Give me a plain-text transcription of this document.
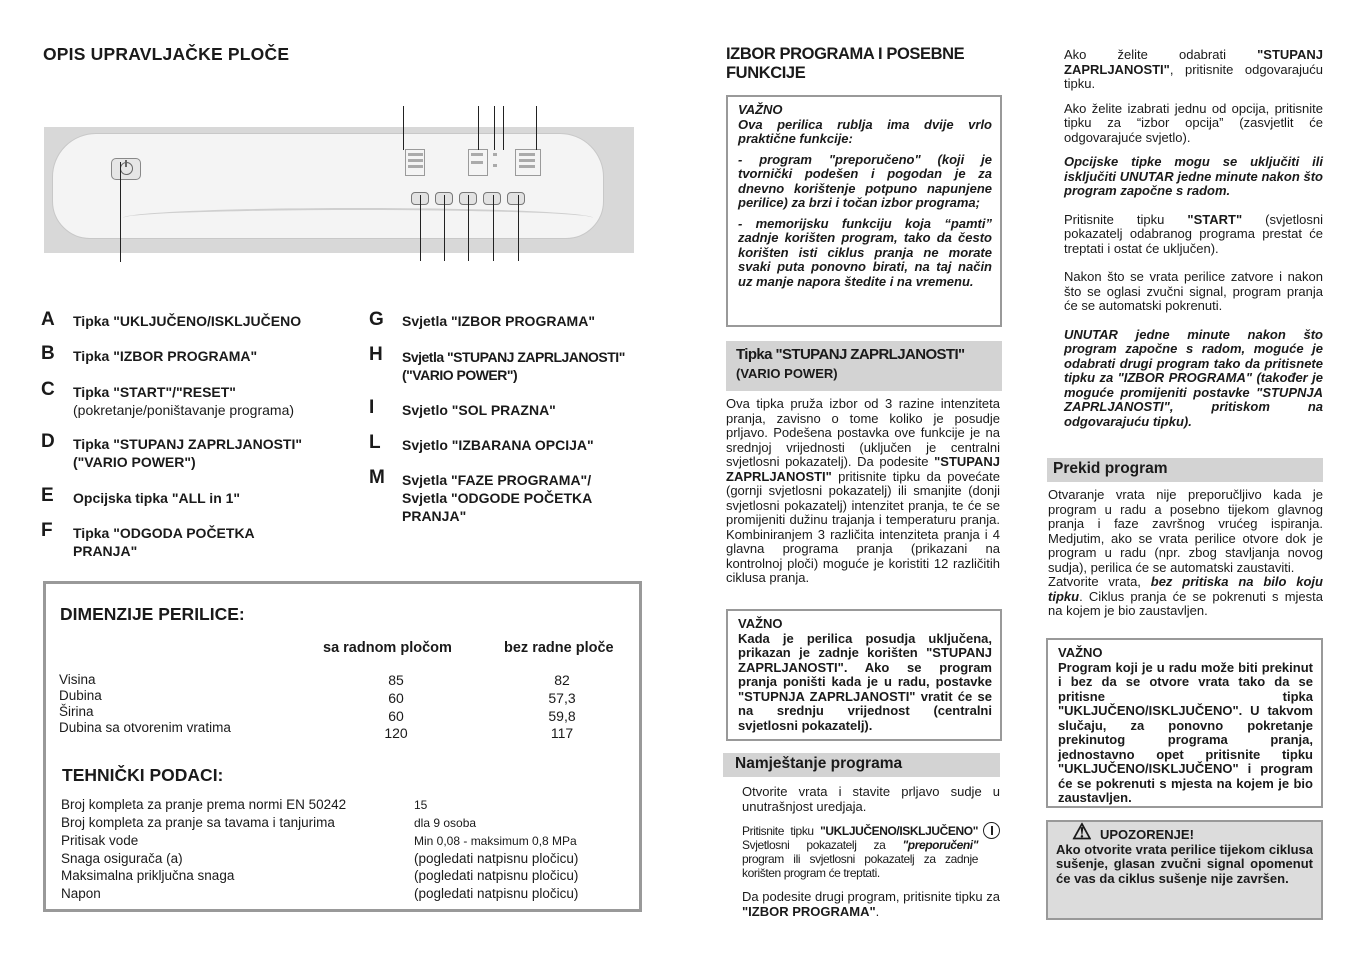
OPIS UPRAVLJAČKE PLOČE
A Tipka "UKLJUČENO/ISKLJUČENO
B Tipka "IZBOR PROGRAMA"
C Tipka "START"/"RESET"
(pokretanje/poništavanje programa)
D Tipka "STUPANJ ZAPRLJANOSTI" ("VARIO POWER")
E Opcijska tipka "ALL in 1"
F Tipka "ODGODA POČETKA PRANJA"
G Svjetla "IZBOR PROGRAMA"
H Svjetla "STUPANJ ZAPRLJANOSTI" ("VARIO POWER")
I Svjetlo "SOL PRAZNA"
L Svjetlo "IZBARANA OPCIJA"
M Svjetla "FAZE PROGRAMA"/ Svjetla "ODGODE POČETKA PRANJA"
DIMENZIJE PERILICE:
sa radnom pločom	bez radne ploče
Visina
Dubina
Širina
Dubina sa otvorenim vratima
85
60
60
120
82
57,3
59,8
117
TEHNIČKI PODACI:
Broj kompleta za pranje prema normi EN 50242
Broj kompleta za pranje sa tavama i tanjurima
Pritisak vode
Snaga osigurača (a)
Maksimalna priključna snaga
Napon
15
dla 9 osoba
Min 0,08 - maksimum 0,8 MPa
(pogledati natpisnu pločicu)
(pogledati natpisnu pločicu)
(pogledati natpisnu pločicu)
IZBOR PROGRAMA I POSEBNE FUNKCIJE

VAŽNO

Ova perilica rublja ima dvije vrlo praktične funkcije:

- program "preporučeno" (koji je tvornički podešen i pogodan je za dnevno korištenje potpuno napunjene perilice) za brzi i točan izbor programa;

- memorijsku funkciju koja “pamti” zadnje korišten program, tako da često korišten isti ciklus pranja ne morate svaki puta ponovno birati, na taj način uz manje napora štedite i na vremenu.

Tipka "STUPANJ ZAPRLJANOSTI"
(VARIO POWER)

Ova tipka pruža izbor od 3 razine intenziteta pranja, zavisno o tome koliko je posudje prljavo. Podešena postavka ove funkcije je na srednjoj vrijednosti (uključen je centralni svjetlosni pokazatelj). Da podesite "STUPANJ ZAPRLJANOSTI" pritisnite tipku da povećate (gornji svjetlosni pokazatelj) ili smanjite (donji svjetlosni pokazatelj) intenzitet pranja, te će se promijeniti dužinu trajanja i temperaturu pranja. Kombiniranjem 3 različita intenziteta pranja i 4 glavna programa pranja (prikazani na kontrolnoj ploči) moguće je koristiti 12 različitih ciklusa pranja.

VAŽNO

Kada je perilica posudja uključena, prikazan je zadnje korišten "STUPANJ ZAPRLJANOSTI". Ako se program pranja poništi kada je u radu, postavke "STUPNJA ZAPRLJANOSTI" vratit će se na srednju vrijednost (centralni svjetlosni pokazatelj).

Namještanje programa

Otvorite vrata i stavite prljavo sudje u unutrašnjost uredjaja.

Pritisnite tipku "UKLJUČENO/ISKLJUČENO" Svjetlosni pokazatelj za "preporučeni" program ili svjetlosni pokazatelj za zadnje korišten program će treptati.

Da podesite drugi program, pritisnite tipku za "IZBOR PROGRAMA".

Ako želite odabrati "STUPANJ ZAPRLJANOSTI", pritisnite odgovarajuću tipku.

Ako želite izabrati jednu od opcija, pritisnite tipku za “izbor opcija” (zasvjetlit će odgovarajuće svjetlo).

Opcijske tipke mogu se uključiti ili isključiti UNUTAR jedne minute nakon što program započne s radom.

Pritisnite tipku "START" (svjetlosni pokazatelj odabranog programa prestat će treptati i ostat će uključen).

Nakon što se vrata perilice zatvore i nakon što se oglasi zvučni signal, program pranja će se automatski pokrenuti.

UNUTAR jedne minute nakon što program započne s radom, moguće je odabrati drugi program tako da pritisnete tipku za "IZBOR PROGRAMA" (također je moguće promijeniti postavke "STUPNJA ZAPRLJANOSTI", pritiskom na odgovarajuću tipku).

Prekid program

Otvaranje vrata nije preporučljivo kada je program u radu a posebno tijekom glavnog pranja i faze završnog vrućeg ispiranja. Medjutim, ako se vrata perilice otvore dok je program u radu (npr. zbog stavljanja novog sudja), perilica će se automatski zaustaviti.

Zatvorite vrata, bez pritiska na bilo koju tipku. Ciklus pranja će se pokrenuti s mjesta na kojem je bio zaustavljen.

VAŽNO

Program koji je u radu može biti prekinut i bez da se otvore vrata tako da se pritisne tipka "UKLJUČENO/ISKLJUČENO". U takvom slučaju, za ponovno pokretanje prekinutog programa pranja, jednostavno opet pritisnite tipku "UKLJUČENO/ISKLJUČENO" i program će se pokrenuti s mjesta na kojem je bio zaustavljen.

⚠ UPOZORENJE!

Ako otvorite vrata perilice tijekom ciklusa sušenje, glasan zvučni signal opomenut će vas da ciklus sušenje nije završen.
